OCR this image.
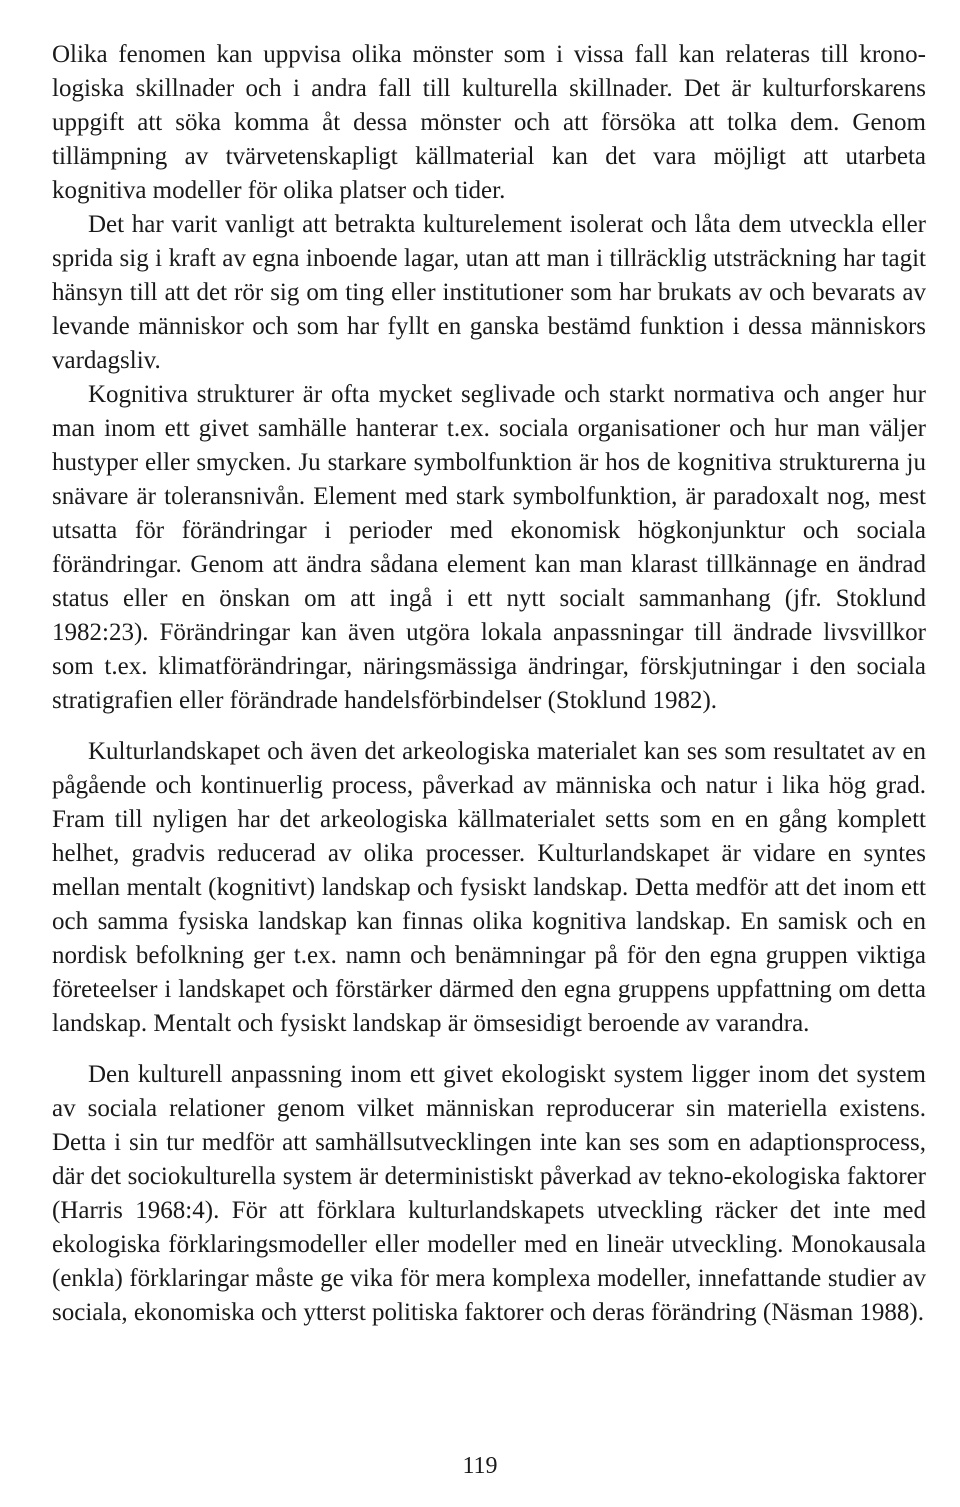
Olika fenomen kan uppvisa olika mönster som i vissa fall kan relateras till kronologiska skillnader och i andra fall till kulturella skillnader. Det är kulturforskarens uppgift att söka komma åt dessa mönster och att försöka att tolka dem. Genom tillämpning av tvärvetenskapligt källmaterial kan det vara möjligt att utarbeta kognitiva modeller för olika platser och tider.

Det har varit vanligt att betrakta kulturelement isolerat och låta dem utveckla eller sprida sig i kraft av egna inboende lagar, utan att man i tillräcklig utsträckning har tagit hänsyn till att det rör sig om ting eller institutioner som har brukats av och bevarats av levande människor och som har fyllt en ganska bestämd funktion i dessa människors vardagsliv.

Kognitiva strukturer är ofta mycket seglivade och starkt normativa och anger hur man inom ett givet samhälle hanterar t.ex. sociala organisationer och hur man väljer hustyper eller smycken. Ju starkare symbolfunktion är hos de kognitiva strukturerna ju snävare är toleransnivån. Element med stark symbolfunktion, är paradoxalt nog, mest utsatta för förändringar i perioder med ekonomisk högkonjunktur och sociala förändringar. Genom att ändra sådana element kan man klarast tillkännage en ändrad status eller en önskan om att ingå i ett nytt socialt sammanhang (jfr. Stoklund 1982:23). Förändringar kan även utgöra lokala anpassningar till ändrade livsvillkor som t.ex. klimatförändringar, näringsmässiga ändringar, förskjutningar i den sociala stratigrafien eller förändrade handelsförbindelser (Stoklund 1982).

Kulturlandskapet och även det arkeologiska materialet kan ses som resultatet av en pågående och kontinuerlig process, påverkad av människa och natur i lika hög grad. Fram till nyligen har det arkeologiska källmaterialet setts som en en gång komplett helhet, gradvis reducerad av olika processer. Kulturlandskapet är vidare en syntes mellan mentalt (kognitivt) landskap och fysiskt landskap. Detta medför att det inom ett och samma fysiska landskap kan finnas olika kognitiva landskap. En samisk och en nordisk befolkning ger t.ex. namn och benämningar på för den egna gruppen viktiga företeelser i landskapet och förstärker därmed den egna gruppens uppfattning om detta landskap. Mentalt och fysiskt landskap är ömsesidigt beroende av varandra.

Den kulturell anpassning inom ett givet ekologiskt system ligger inom det system av sociala relationer genom vilket människan reproducerar sin materiella existens. Detta i sin tur medför att samhällsutvecklingen inte kan ses som en adaptionsprocess, där det sociokulturella system är deterministiskt påverkad av tekno-ekologiska faktorer (Harris 1968:4). För att förklara kulturlandskapets utveckling räcker det inte med ekologiska förklaringsmodeller eller modeller med en lineär utveckling. Monokausala (enkla) förklaringar måste ge vika för mera komplexa modeller, innefattande studier av sociala, ekonomiska och ytterst politiska faktorer och deras förändring (Näsman 1988).

119
